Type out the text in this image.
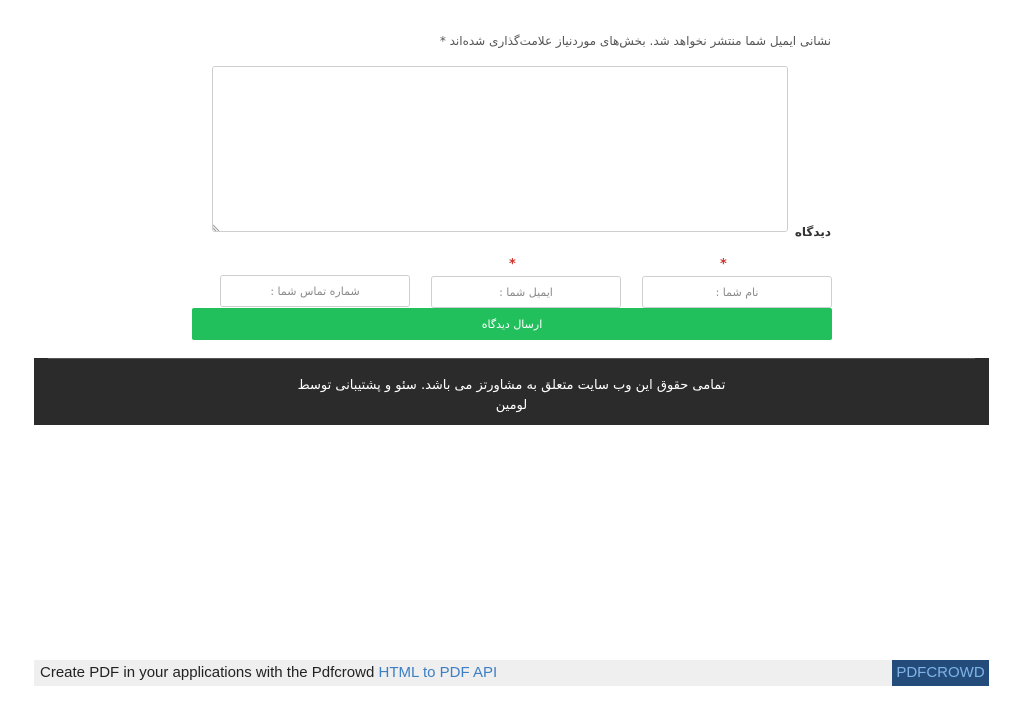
نشانی ایمیل شما منتشر نخواهد شد. بخش‌های موردنیاز علامت‌گذاری شده‌اند *
دیدگاه
*
*
نام شما :
ایمیل شما :
شماره تماس شما :
ارسال دیدگاه
تمامی حقوق این وب سایت متعلق به مشاورتز می باشد. سئو و پشتیبانی توسط لومین
Create PDF in your applications with the Pdfcrowd HTML to PDF API	PDFCROWD
